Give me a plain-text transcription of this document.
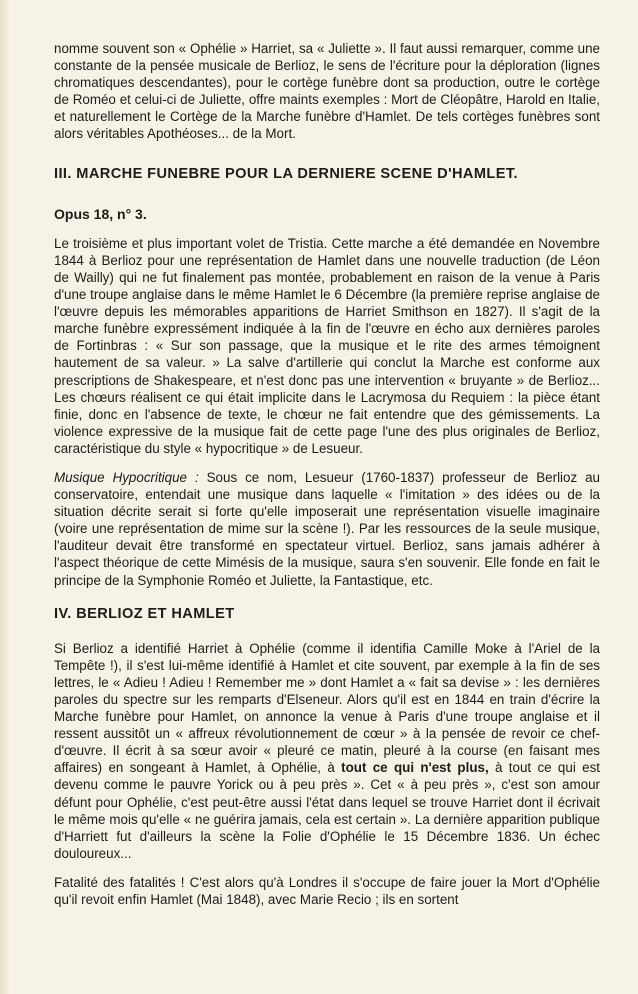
nomme souvent son « Ophélie » Harriet, sa « Juliette ». Il faut aussi remarquer, comme une constante de la pensée musicale de Berlioz, le sens de l'écriture pour la déploration (lignes chromatiques descendantes), pour le cortège funèbre dont sa production, outre le cortège de Roméo et celui-ci de Juliette, offre maints exemples : Mort de Cléopâtre, Harold en Italie, et naturellement le Cortège de la Marche funèbre d'Hamlet. De tels cortèges funèbres sont alors véritables Apothéoses... de la Mort.

III. MARCHE FUNEBRE POUR LA DERNIERE SCENE D'HAMLET.
Opus 18, n° 3.

Le troisième et plus important volet de Tristia. Cette marche a été demandée en Novembre 1844 à Berlioz pour une représentation de Hamlet dans une nouvelle traduction (de Léon de Wailly) qui ne fut finalement pas montée, probablement en raison de la venue à Paris d'une troupe anglaise dans le même Hamlet le 6 Décembre (la première reprise anglaise de l'œuvre depuis les mémorables apparitions de Harriet Smithson en 1827). Il s'agit de la marche funèbre expressément indiquée à la fin de l'œuvre en écho aux dernières paroles de Fortinbras : « Sur son passage, que la musique et le rite des armes témoignent hautement de sa valeur. » La salve d'artillerie qui conclut la Marche est conforme aux prescriptions de Shakespeare, et n'est donc pas une intervention « bruyante » de Berlioz... Les chœurs réalisent ce qui était implicite dans le Lacrymosa du Requiem : la pièce étant finie, donc en l'absence de texte, le chœur ne fait entendre que des gémissements. La violence expressive de la musique fait de cette page l'une des plus originales de Berlioz, caractéristique du style « hypocritique » de Lesueur.

Musique Hypocritique : Sous ce nom, Lesueur (1760-1837) professeur de Berlioz au conservatoire, entendait une musique dans laquelle « l'imitation » des idées ou de la situation décrite serait si forte qu'elle imposerait une représentation visuelle imaginaire (voire une représentation de mime sur la scène !). Par les ressources de la seule musique, l'auditeur devait être transformé en spectateur virtuel. Berlioz, sans jamais adhérer à l'aspect théorique de cette Mimésis de la musique, saura s'en souvenir. Elle fonde en fait le principe de la Symphonie Roméo et Juliette, la Fantastique, etc.

IV. BERLIOZ ET HAMLET

Si Berlioz a identifié Harriet à Ophélie (comme il identifia Camille Moke à l'Ariel de la Tempête !), il s'est lui-même identifié à Hamlet et cite souvent, par exemple à la fin de ses lettres, le « Adieu ! Adieu ! Remember me » dont Hamlet a « fait sa devise » : les dernières paroles du spectre sur les remparts d'Elseneur. Alors qu'il est en 1844 en train d'écrire la Marche funèbre pour Hamlet, on annonce la venue à Paris d'une troupe anglaise et il ressent aussitôt un « affreux révolutionnement de cœur » à la pensée de revoir ce chef-d'œuvre. Il écrit à sa sœur avoir « pleuré ce matin, pleuré à la course (en faisant mes affaires) en songeant à Hamlet, à Ophélie, à tout ce qui n'est plus, à tout ce qui est devenu comme le pauvre Yorick ou à peu près ». Cet « à peu près », c'est son amour défunt pour Ophélie, c'est peut-être aussi l'état dans lequel se trouve Harriet dont il écrivait le même mois qu'elle « ne guérira jamais, cela est certain ». La dernière apparition publique d'Harriett fut d'ailleurs la scène la Folie d'Ophélie le 15 Décembre 1836. Un échec douloureux...

Fatalité des fatalités ! C'est alors qu'à Londres il s'occupe de faire jouer la Mort d'Ophélie qu'il revoit enfin Hamlet (Mai 1848), avec Marie Recio ; ils en sortent
